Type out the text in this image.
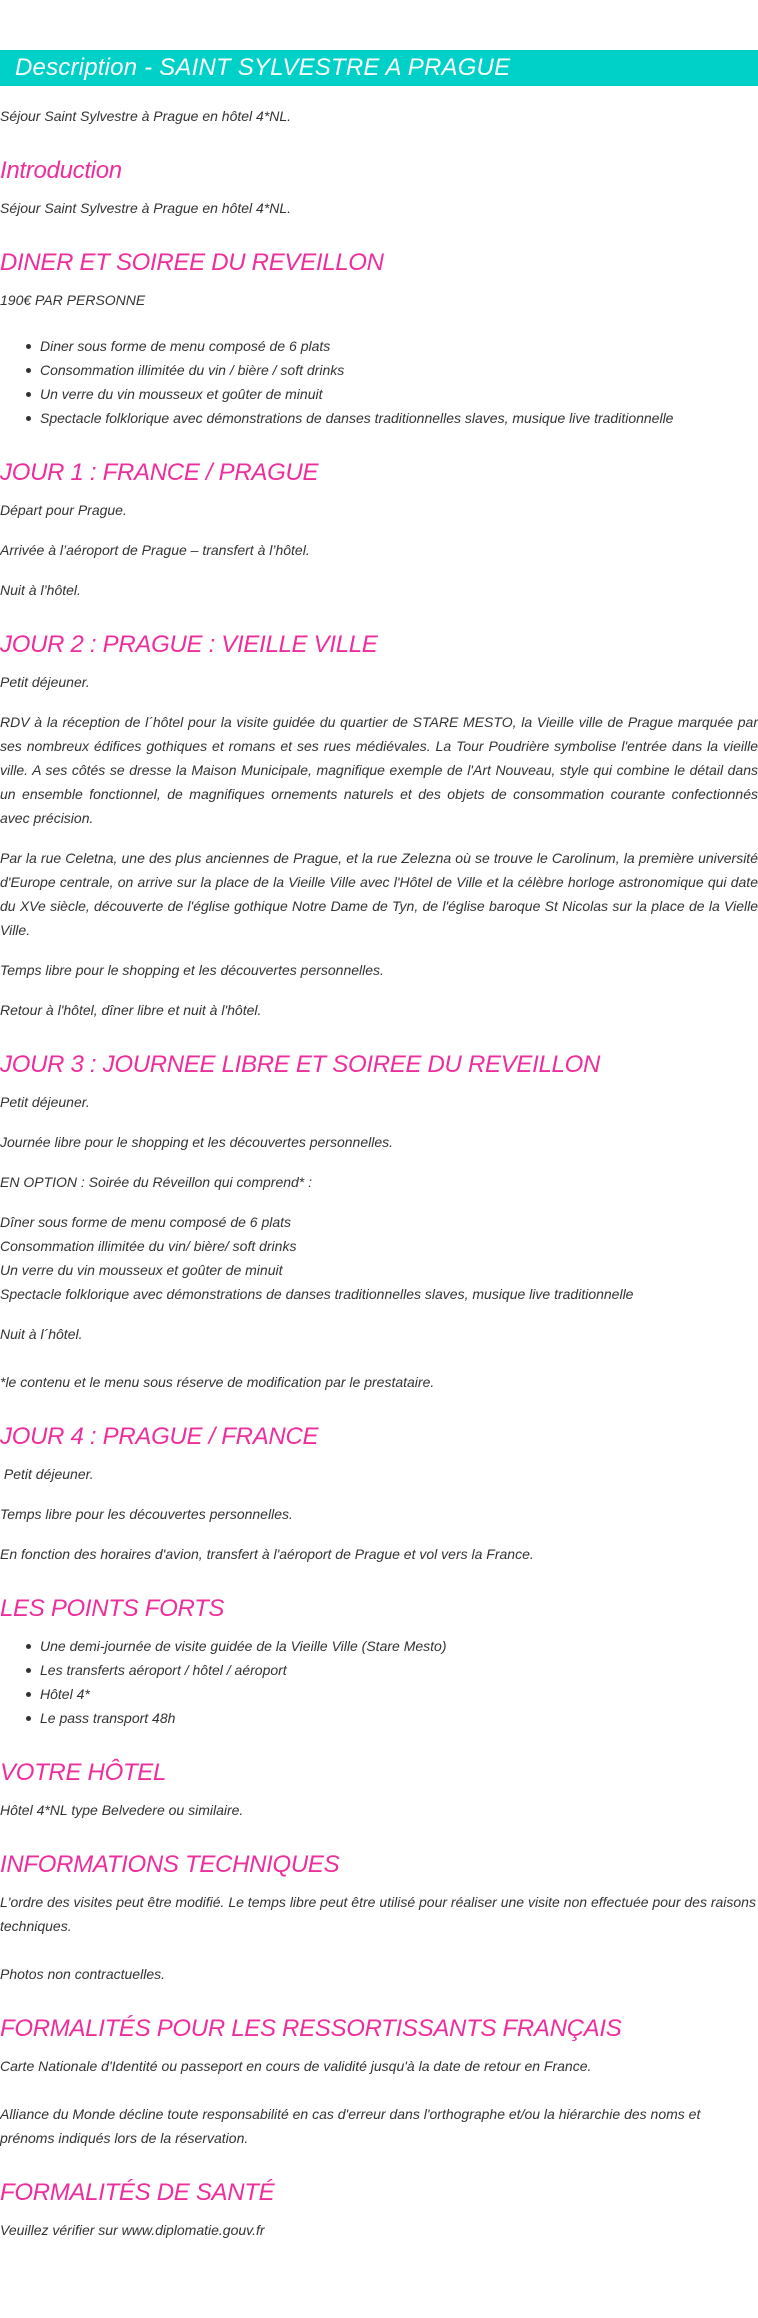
Description - SAINT SYLVESTRE A PRAGUE

Séjour Saint Sylvestre à Prague en hôtel 4*NL.

Introduction

Séjour Saint Sylvestre à Prague en hôtel 4*NL.

DINER ET SOIREE DU REVEILLON

190€ PAR PERSONNE

Diner sous forme de menu composé de 6 plats
Consommation illimitée du vin / bière / soft drinks
Un verre du vin mousseux et goûter de minuit
Spectacle folklorique avec démonstrations de danses traditionnelles slaves, musique live traditionnelle
JOUR 1 : FRANCE / PRAGUE

Départ pour Prague.

Arrivée à l’aéroport de Prague – transfert à l’hôtel.

Nuit à l’hôtel.

JOUR 2 : PRAGUE : VIEILLE VILLE

Petit déjeuner.

RDV à la réception de l´hôtel pour la visite guidée du quartier de STARE MESTO, la Vieille ville de Prague marquée par ses nombreux édifices gothiques et romans et ses rues médiévales. La Tour Poudrière symbolise l'entrée dans la vieille ville. A ses côtés se dresse la Maison Municipale, magnifique exemple de l'Art Nouveau, style qui combine le détail dans un ensemble fonctionnel, de magnifiques ornements naturels et des objets de consommation courante confectionnés avec précision.

Par la rue Celetna, une des plus anciennes de Prague, et la rue Zelezna où se trouve le Carolinum, la première université d'Europe centrale, on arrive sur la place de la Vieille Ville avec l'Hôtel de Ville et la célèbre horloge astronomique qui date du XVe siècle, découverte de l'église gothique Notre Dame de Tyn, de l'église baroque St Nicolas sur la place de la Vielle Ville.

Temps libre pour le shopping et les découvertes personnelles.

Retour à l'hôtel, dîner libre et nuit à l'hôtel.

JOUR 3 : JOURNEE LIBRE ET SOIREE DU REVEILLON

Petit déjeuner.

Journée libre pour le shopping et les découvertes personnelles.

EN OPTION : Soirée du Réveillon qui comprend* :

Dîner sous forme de menu composé de 6 plats
Consommation illimitée du vin/ bière/ soft drinks
Un verre du vin mousseux et goûter de minuit
Spectacle folklorique avec démonstrations de danses traditionnelles slaves, musique live traditionnelle

Nuit à l´hôtel.

*le contenu et le menu sous réserve de modification par le prestataire.

JOUR 4 : PRAGUE / FRANCE

Petit déjeuner.

Temps libre pour les découvertes personnelles.

En fonction des horaires d'avion, transfert à l'aéroport de Prague et vol vers la France.

LES POINTS FORTS
Une demi-journée de visite guidée de la Vieille Ville (Stare Mesto)
Les transferts aéroport / hôtel / aéroport
Hôtel 4*
Le pass transport 48h
VOTRE HÔTEL

Hôtel 4*NL type Belvedere ou similaire.

INFORMATIONS TECHNIQUES

L'ordre des visites peut être modifié. Le temps libre peut être utilisé pour réaliser une visite non effectuée pour des raisons techniques.

Photos non contractuelles.

FORMALITÉS POUR LES RESSORTISSANTS FRANÇAIS

Carte Nationale d'Identité ou passeport en cours de validité jusqu'à la date de retour en France.

Alliance du Monde décline toute responsabilité en cas d'erreur dans l'orthographe et/ou la hiérarchie des noms et prénoms indiqués lors de la réservation.

FORMALITÉS DE SANTÉ

Veuillez vérifier sur www.diplomatie.gouv.fr
